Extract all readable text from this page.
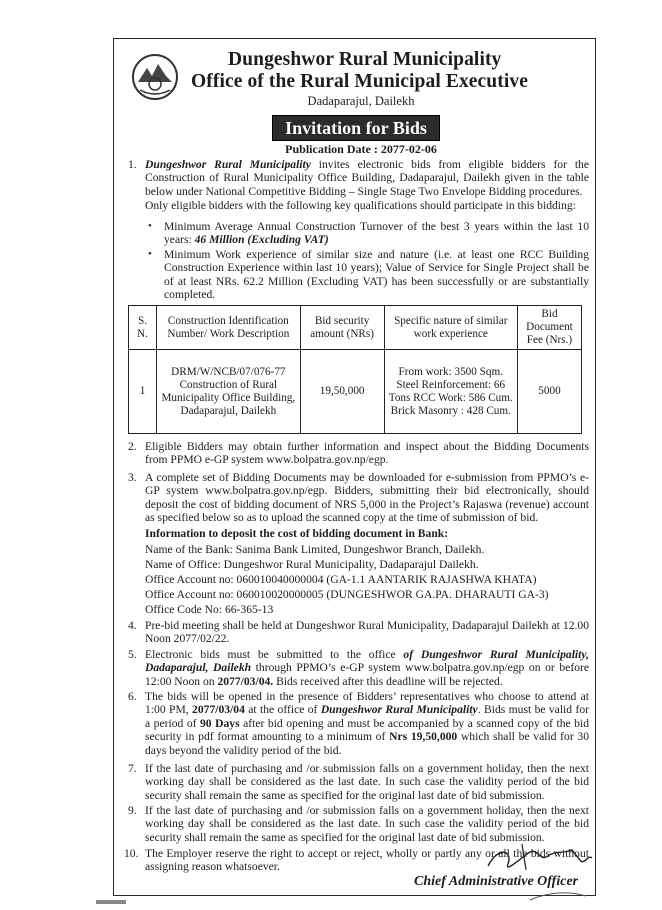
Dungeshwor Rural Municipality
Office of the Rural Municipal Executive
Dadaparajul, Dailekh
Invitation for Bids
Publication Date : 2077-02-06
1. Dungeshwor Rural Municipality invites electronic bids from eligible bidders for the Construction of Rural Municipality Office Building, Dadaparajul, Dailekh given in the table below under National Competitive Bidding – Single Stage Two Envelope Bidding procedures.
Only eligible bidders with the following key qualifications should participate in this bidding:
• Minimum Average Annual Construction Turnover of the best 3 years within the last 10 years: 46 Million (Excluding VAT)
• Minimum Work experience of similar size and nature (i.e. at least one RCC Building Construction Experience within last 10 years); Value of Service for Single Project shall be of at least NRs. 62.2 Million (Excluding VAT) has been successfully or are substantially completed.
S. N.	Construction Identification Number/ Work Description	Bid security amount (NRs)	Specific nature of similar work experience	Bid Document Fee (Nrs.)
1	DRM/W/NCB/07/076-77 Construction of Rural Municipality Office Building, Dadaparajul, Dailekh	19,50,000	From work: 3500 Sqm. Steel Reinforcement: 66 Tons RCC Work: 586 Cum. Brick Masonry : 428 Cum.	5000
2. Eligible Bidders may obtain further information and inspect about the Bidding Documents from PPMO e-GP system www.bolpatra.gov.np/egp.
3. A complete set of Bidding Documents may be downloaded for e-submission from PPMO’s e-GP system www.bolpatra.gov.np/egp. Bidders, submitting their bid electronically, should deposit the cost of bidding document of NRS 5,000 in the Project’s Rajaswa (revenue) account as specified below so as to upload the scanned copy at the time of submission of bid.
Information to deposit the cost of bidding document in Bank:
Name of the Bank: Sanima Bank Limited, Dungeshwor Branch, Dailekh.
Name of Office: Dungeshwor Rural Municipality, Dadaparajul Dailekh.
Office Account no: 060010040000004 (GA-1.1 AANTARIK RAJASHWA KHATA)
Office Account no: 060010020000005 (DUNGESHWOR GA.PA. DHARAUTI GA-3)
Office Code No: 66-365-13
4. Pre-bid meeting shall be held at Dungeshwor Rural Municipality, Dadaparajul Dailekh at 12.00 Noon 2077/02/22.
5. Electronic bids must be submitted to the office of Dungeshwor Rural Municipality, Dadaparajul, Dailekh through PPMO’s e-GP system www.bolpatra.gov.np/egp on or before 12:00 Noon on 2077/03/04. Bids received after this deadline will be rejected.
6. The bids will be opened in the presence of Bidders’ representatives who choose to attend at 1:00 PM, 2077/03/04 at the office of Dungeshwor Rural Municipality. Bids must be valid for a period of 90 Days after bid opening and must be accompanied by a scanned copy of the bid security in pdf format amounting to a minimum of Nrs 19,50,000 which shall be valid for 30 days beyond the validity period of the bid.
7. If the last date of purchasing and /or submission falls on a government holiday, then the next working day shall be considered as the last date. In such case the validity period of the bid security shall remain the same as specified for the original last date of bid submission.
9. If the last date of purchasing and /or submission falls on a government holiday, then the next working day shall be considered as the last date. In such case the validity period of the bid security shall remain the same as specified for the original last date of bid submission.
10. The Employer reserve the right to accept or reject, wholly or partly any or all the bids without assigning reason whatsoever.
Chief Administrative Officer
